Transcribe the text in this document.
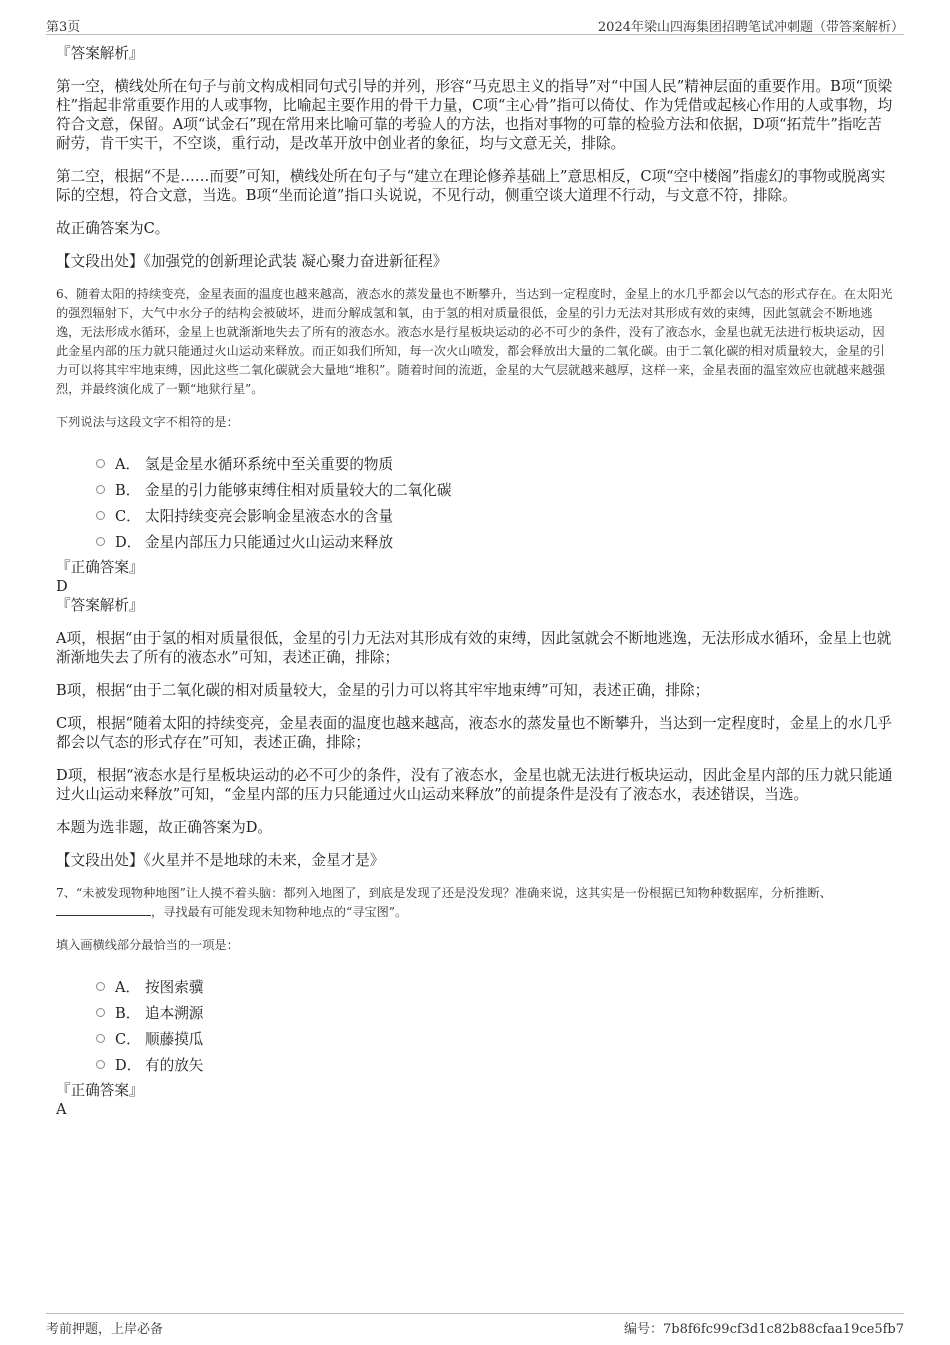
第3页	2024年梁山四海集团招聘笔试冲刺题（带答案解析）

『答案解析』

第一空，横线处所在句子与前文构成相同句式引导的并列，形容“马克思主义的指导”对“中国人民”精神层面的重要作用。B项“顶梁柱”指起非常重要作用的人或事物，比喻起主要作用的骨干力量，C项“主心骨”指可以倚仗、作为凭借或起核心作用的人或事物，均符合文意，保留。A项“试金石”现在常用来比喻可靠的考验人的方法，也指对事物的可靠的检验方法和依据，D项“拓荒牛”指吃苦耐劳，肯干实干，不空谈，重行动，是改革开放中创业者的象征，均与文意无关，排除。

第二空，根据“不是……而要”可知，横线处所在句子与“建立在理论修养基础上”意思相反，C项“空中楼阁”指虚幻的事物或脱离实际的空想，符合文意，当选。B项“坐而论道”指口头说说，不见行动，侧重空谈大道理不行动，与文意不符，排除。

故正确答案为C。

【文段出处】《加强党的创新理论武装 凝心聚力奋进新征程》

6、随着太阳的持续变亮，金星表面的温度也越来越高，液态水的蒸发量也不断攀升，当达到一定程度时，金星上的水几乎都会以气态的形式存在。在太阳光的强烈辐射下，大气中水分子的结构会被破坏，进而分解成氢和氧，由于氢的相对质量很低，金星的引力无法对其形成有效的束缚，因此氢就会不断地逃逸，无法形成水循环，金星上也就渐渐地失去了所有的液态水。液态水是行星板块运动的必不可少的条件，没有了液态水，金星也就无法进行板块运动，因此金星内部的压力就只能通过火山运动来释放。而正如我们所知，每一次火山喷发，都会释放出大量的二氧化碳。由于二氧化碳的相对质量较大，金星的引力可以将其牢牢地束缚，因此这些二氧化碳就会大量地“堆积”。随着时间的流逝，金星的大气层就越来越厚，这样一来，金星表面的温室效应也就越来越强烈，并最终演化成了一颗“地狱行星”。

下列说法与这段文字不相符的是：

A． 氢是金星水循环系统中至关重要的物质
B． 金星的引力能够束缚住相对质量较大的二氧化碳
C． 太阳持续变亮会影响金星液态水的含量
D． 金星内部压力只能通过火山运动来释放

『正确答案』

D

『答案解析』

A项，根据“由于氢的相对质量很低，金星的引力无法对其形成有效的束缚，因此氢就会不断地逃逸，无法形成水循环，金星上也就渐渐地失去了所有的液态水”可知，表述正确，排除；

B项，根据“由于二氧化碳的相对质量较大，金星的引力可以将其牢牢地束缚”可知，表述正确，排除；

C项，根据“随着太阳的持续变亮，金星表面的温度也越来越高，液态水的蒸发量也不断攀升，当达到一定程度时，金星上的水几乎都会以气态的形式存在”可知，表述正确，排除；

D项，根据“液态水是行星板块运动的必不可少的条件，没有了液态水，金星也就无法进行板块运动，因此金星内部的压力就只能通过火山运动来释放”可知，“金星内部的压力只能通过火山运动来释放”的前提条件是没有了液态水，表述错误，当选。

本题为选非题，故正确答案为D。

【文段出处】《火星并不是地球的未来，金星才是》

7、“未被发现物种地图”让人摸不着头脑：都列入地图了，到底是发现了还是没发现？准确来说，这其实是一份根据已知物种数据库，分析推断、，寻找最有可能发现未知物种地点的“寻宝图”。

填入画横线部分最恰当的一项是：

A． 按图索骥
B． 追本溯源
C． 顺藤摸瓜
D． 有的放矢

『正确答案』

A

考前押题，上岸必备	编号：7b8f6fc99cf3d1c82b88cfaa19ce5fb7
